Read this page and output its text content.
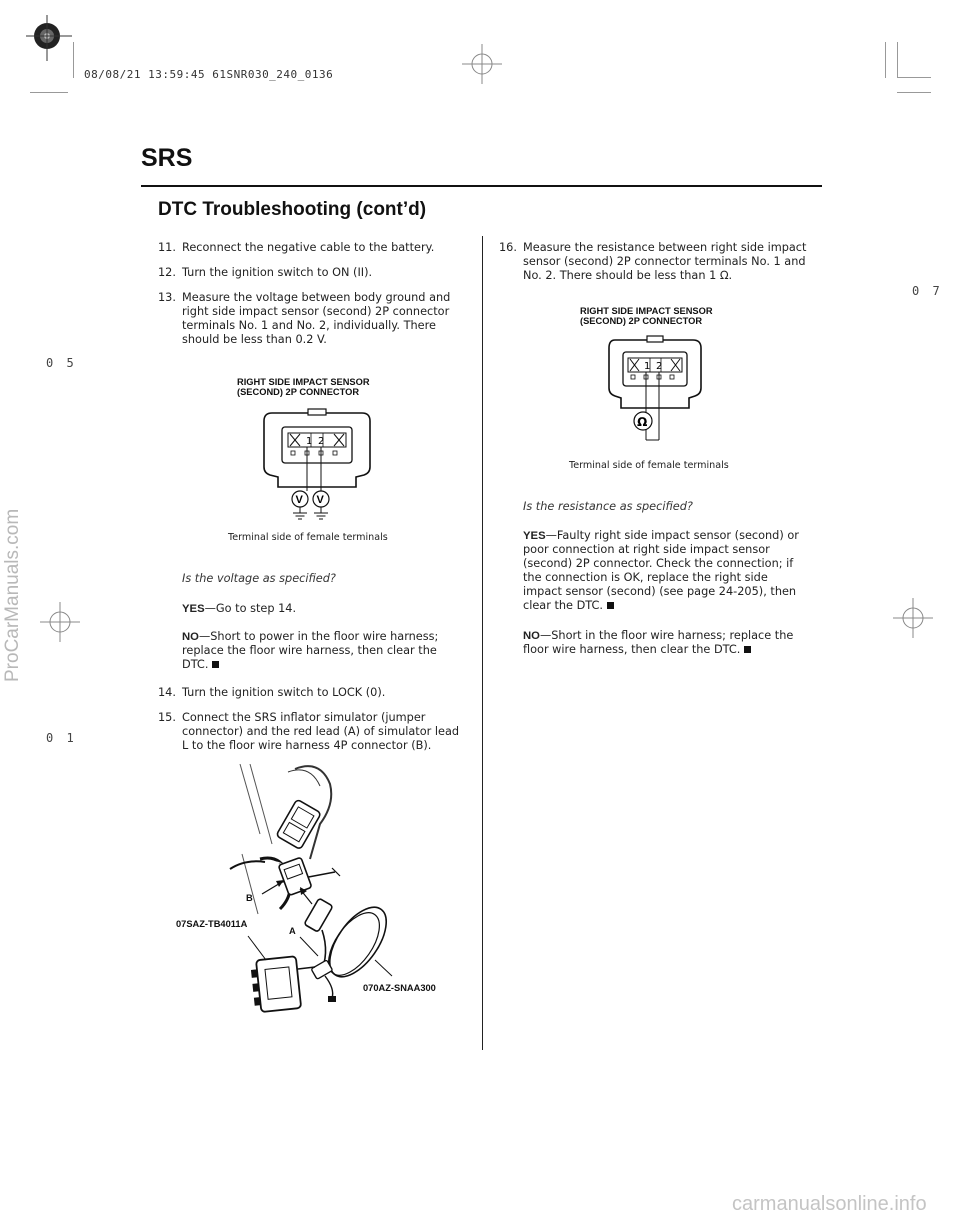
08/08/21 13:59:45 61SNR030_240_0136
SRS
DTC Troubleshooting (cont’d)
0 7
0 5
0 1

11. Reconnect the negative cable to the battery.

12. Turn the ignition switch to ON (II).

13. Measure the voltage between body ground and right side impact sensor (second) 2P connector terminals No. 1 and No. 2, individually. There should be less than 0.2 V.

RIGHT SIDE IMPACT SENSOR
(SECOND) 2P CONNECTOR
1 2
V V
Terminal side of female terminals
Is the voltage as specified?
YES—Go to step 14.
NO—Short to power in the floor wire harness; replace the floor wire harness, then clear the DTC.

14. Turn the ignition switch to LOCK (0).

15. Connect the SRS inflator simulator (jumper connector) and the red lead (A) of simulator lead L to the floor wire harness 4P connector (B).

B
A
07SAZ-TB4011A
070AZ-SNAA300

16. Measure the resistance between right side impact sensor (second) 2P connector terminals No. 1 and No. 2. There should be less than 1 Ω.

RIGHT SIDE IMPACT SENSOR
(SECOND) 2P CONNECTOR
1 2
Ω
Terminal side of female terminals
Is the resistance as specified?
YES—Faulty right side impact sensor (second) or poor connection at right side impact sensor (second) 2P connector. Check the connection; if the connection is OK, replace the right side impact sensor (second) (see page 24-205), then clear the DTC.
NO—Short in the floor wire harness; replace the floor wire harness, then clear the DTC.
ProCarManuals.com
carmanualsonline.info
